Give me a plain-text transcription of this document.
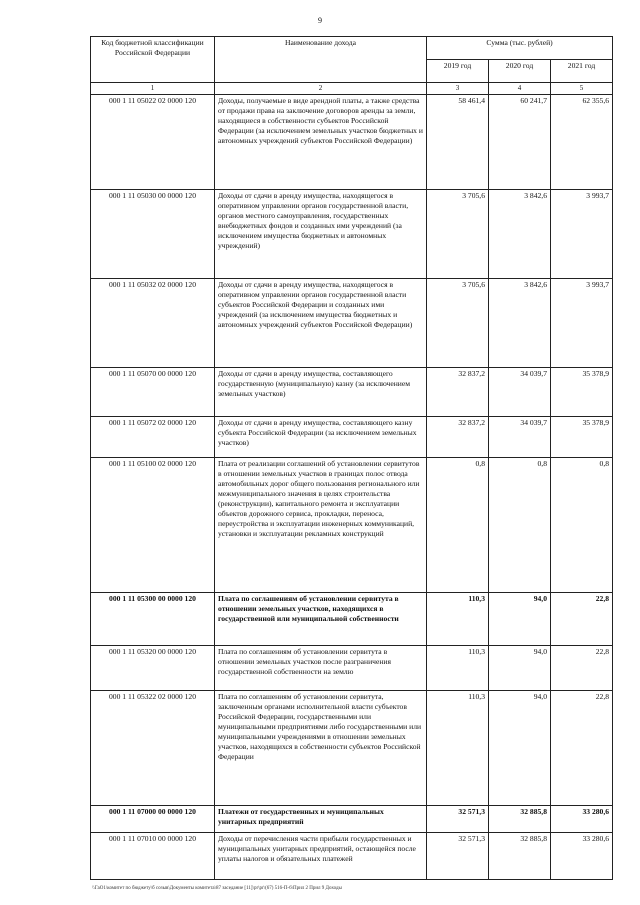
9
Код бюджетной классификации Российской Федерации	Наименование дохода	Сумма (тыс. рублей)		
		2019 год	2020 год	2021 год
1	2	3	4	5
000 1 11 05022 02 0000 120	Доходы, получаемые в виде арендной платы, а также средства от продажи права на заключение договоров аренды за земли, находящиеся в собственности субъектов Российской Федерации (за исключением земельных участков бюджетных и автономных учреждений субъектов Российской Федерации)	58 461,4	60 241,7	62 355,6
000 1 11 05030 00 0000 120	Доходы от сдачи в аренду имущества, находящегося в оперативном управлении органов государственной власти, органов местного самоуправления, государственных внебюджетных фондов и созданных ими учреждений (за исключением имущества бюджетных и автономных учреждений)	3 705,6	3 842,6	3 993,7
000 1 11 05032 02 0000 120	Доходы от сдачи в аренду имущества, находящегося в оперативном управлении органов государственной власти субъектов Российской Федерации и созданных ими учреждений (за исключением имущества бюджетных и автономных учреждений субъектов Российской Федерации)	3 705,6	3 842,6	3 993,7
000 1 11 05070 00 0000 120	Доходы от сдачи в аренду имущества, составляющего государственную (муниципальную) казну (за исключением земельных участков)	32 837,2	34 039,7	35 378,9
000 1 11 05072 02 0000 120	Доходы от сдачи в аренду имущества, составляющего казну субъекта Российской Федерации (за исключением земельных участков)	32 837,2	34 039,7	35 378,9
000 1 11 05100 02 0000 120	Плата от реализации соглашений об установлении сервитутов в отношении земельных участков в границах полос отвода автомобильных дорог общего пользования регионального или межмуниципального значения в целях строительства (реконструкции), капитального ремонта и эксплуатации объектов дорожного сервиса, прокладки, переноса, переустройства и эксплуатации инженерных коммуникаций, установки и эксплуатации рекламных конструкций	0,8	0,8	0,8
000 1 11 05300 00 0000 120	Плата по соглашениям об установлении сервитута в отношении земельных участков, находящихся в государственной или муниципальной собственности	110,3	94,0	22,8
000 1 11 05320 00 0000 120	Плата по соглашениям об установлении сервитута в отношении земельных участков после разграничения государственной собственности на землю	110,3	94,0	22,8
000 1 11 05322 02 0000 120	Плата по соглашениям об установлении сервитута, заключенным органами исполнительной власти субъектов Российской Федерации, государственными или муниципальными предприятиями либо государственными или муниципальными учреждениями в отношении земельных участков, находящихся в собственности субъектов Российской Федерации	110,3	94,0	22,8
000 1 11 07000 00 0000 120	Платежи от государственных и муниципальных унитарных предприятий	32 571,3	32 885,8	33 280,6
000 1 11 07010 00 0000 120	Доходы от перечисления части прибыли государственных и муниципальных унитарных предприятий, остающейся после уплаты налогов и обязательных платежей	32 571,3	32 885,8	33 280,6
\\ГаО1\комитет по бюджету\б созыв\Документы комитета\87 заседание [11]\pr\pr\(67) 516-П-6\Прил 2 Прил 9 Доходы
